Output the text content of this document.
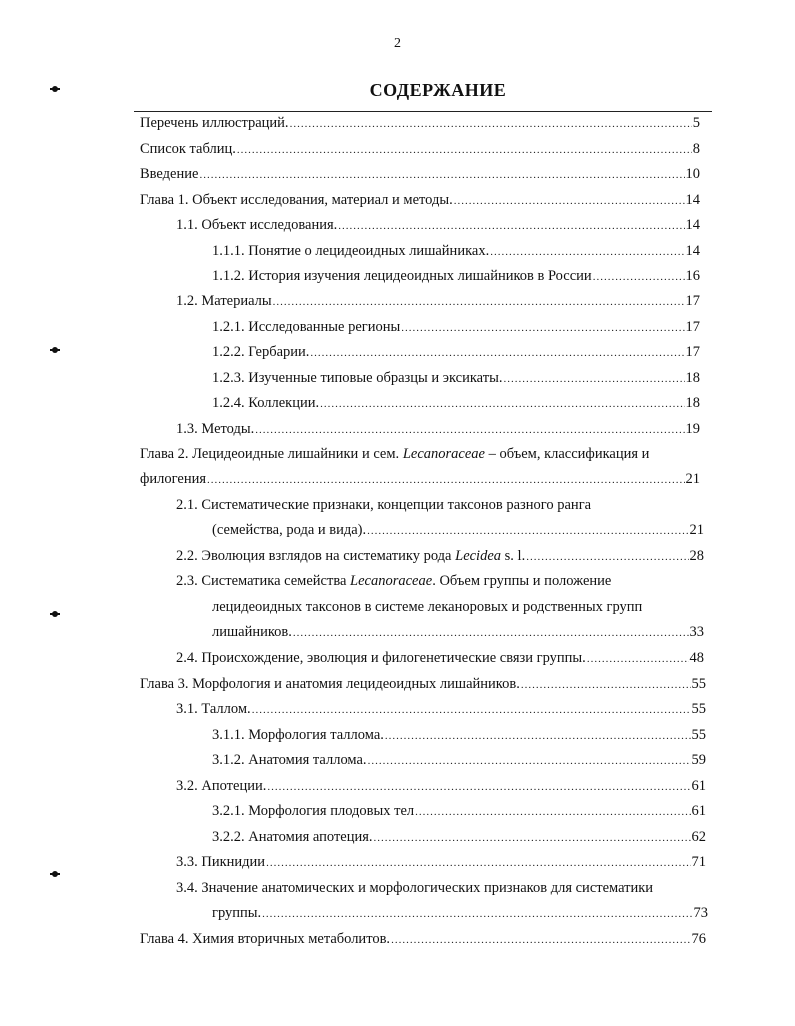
2
СОДЕРЖАНИЕ
Перечень иллюстраций. .....	5
Список таблиц. .....	8
Введение .....	10
Глава 1. Объект исследования, материал и методы. .....	14
1.1. Объект исследования. .....	14
1.1.1. Понятие о лецидеоидных лишайниках. .....	14
1.1.2. История изучения лецидеоидных лишайников в России .....	16
1.2. Материалы .....	17
1.2.1. Исследованные регионы .....	17
1.2.2. Гербарии. .....	17
1.2.3. Изученные типовые образцы и эксикаты. .....	18
1.2.4. Коллекции. .....	18
1.3. Методы. .....	19
Глава 2. Лецидеоидные лишайники и сем. Lecanoraceae – объем, классификация и
филогения .....	21
2.1. Систематические признаки, концепции таксонов разного ранга
(семейства, рода и вида). .....	21
2.2. Эволюция взглядов на систематику рода Lecidea s. l. .....	28
2.3. Систематика семейства Lecanoraceae. Объем группы и положение
лецидеоидных таксонов в системе леканоровых и родственных групп
лишайников. .....	33
2.4. Происхождение, эволюция и филогенетические связи группы. .....	48
Глава 3. Морфология и анатомия лецидеоидных лишайников. .....	55
3.1. Таллом. .....	55
3.1.1. Морфология таллома. .....	55
3.1.2. Анатомия таллома. .....	59
3.2. Апотеции. .....	61
3.2.1. Морфология плодовых тел .....	61
3.2.2. Анатомия апотеция. .....	62
3.3. Пикнидии .....	71
3.4. Значение анатомических и морфологических признаков для систематики
группы. .....	73
Глава 4. Химия вторичных метаболитов. .....	76
